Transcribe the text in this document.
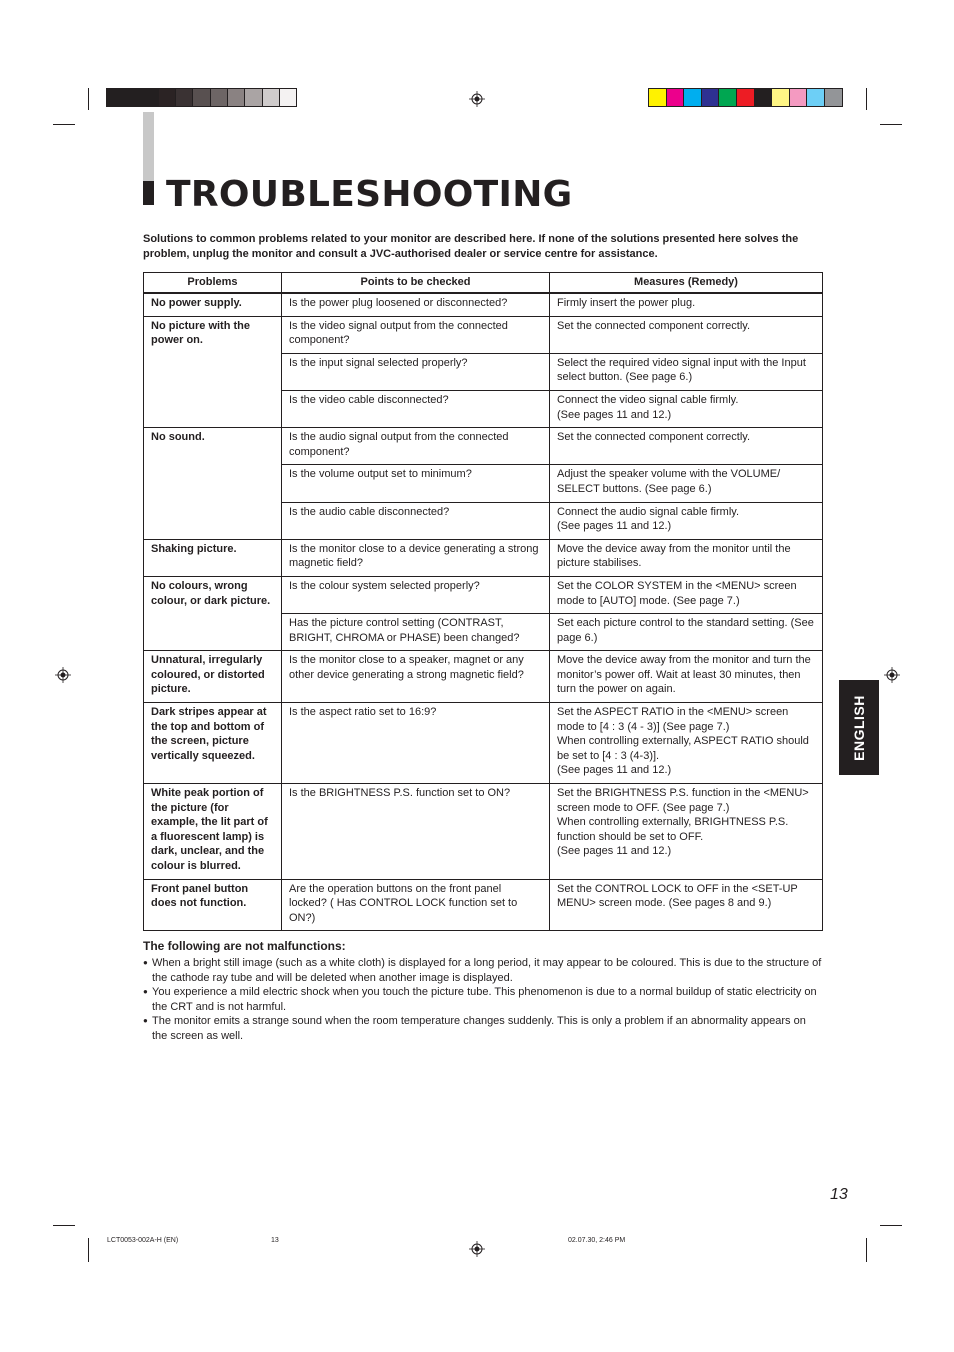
TROUBLESHOOTING

Solutions to common problems related to your monitor are described here. If none of the solutions presented here solves the problem, unplug the monitor and consult a JVC-authorised dealer or service centre for assistance.

Problems	Points to be checked	Measures (Remedy)
No power supply.	Is the power plug loosened or disconnected?	Firmly insert the power plug.
No picture with the power on.	Is the video signal output from the connected component?	Set the connected component correctly.
	Is the input signal selected properly?	Select the required video signal input with the Input select button. (See page 6.)
	Is the video cable disconnected?	Connect the video signal cable firmly.
(See pages 11 and 12.)
No sound.	Is the audio signal output from the connected component?	Set the connected component correctly.
	Is the volume output set to minimum?	Adjust the speaker volume with the VOLUME/ SELECT buttons. (See page 6.)
	Is the audio cable disconnected?	Connect the audio signal cable firmly.
(See pages 11 and 12.)
Shaking picture.	Is the monitor close to a device generating a strong magnetic field?	Move the device away from the monitor until the picture stabilises.
No colours, wrong colour, or dark picture.	Is the colour system selected properly?	Set the COLOR SYSTEM in the <MENU> screen mode to [AUTO] mode. (See page 7.)
	Has the picture control setting (CONTRAST, BRIGHT, CHROMA or PHASE) been changed?	Set each picture control to the standard setting. (See page 6.)
Unnatural, irregularly coloured, or distorted picture.	Is the monitor close to a speaker, magnet or any other device generating a strong magnetic field?	Move the device away from the monitor and turn the monitor’s power off. Wait at least 30 minutes, then turn the power on again.
Dark stripes appear at the top and bottom of the screen, picture vertically squeezed.	Is the aspect ratio set to 16:9?	Set the ASPECT RATIO in the <MENU> screen mode to [4 : 3 (4 - 3)] (See page 7.)
When controlling externally, ASPECT RATIO should be set to [4 : 3 (4-3)].
(See pages 11 and 12.)
White peak portion of the picture (for example, the lit part of a fluorescent lamp) is dark, unclear, and the colour is blurred.	Is the BRIGHTNESS P.S. function set to ON?	Set the BRIGHTNESS P.S. function in the <MENU> screen mode to OFF. (See page 7.)
When controlling externally, BRIGHTNESS P.S. function should be set to OFF.
(See pages 11 and 12.)
Front panel button does not function.	Are the operation buttons on the front panel locked? ( Has CONTROL LOCK function set to ON?)	Set the CONTROL LOCK to OFF in the <SET-UP MENU> screen mode. (See pages 8 and 9.)

The following are not malfunctions:

● When a bright still image (such as a white cloth) is displayed for a long period, it may appear to be coloured. This is due to the structure of the cathode ray tube and will be deleted when another image is displayed.
● You experience a mild electric shock when you touch the picture tube. This phenomenon is due to a normal buildup of static electricity on the CRT and is not harmful.
● The monitor emits a strange sound when the room temperature changes suddenly. This is only a problem if an abnormality appears on the screen as well.
ENGLISH
13
LCT0053-002A-H (EN)	13	02.07.30, 2:46 PM
